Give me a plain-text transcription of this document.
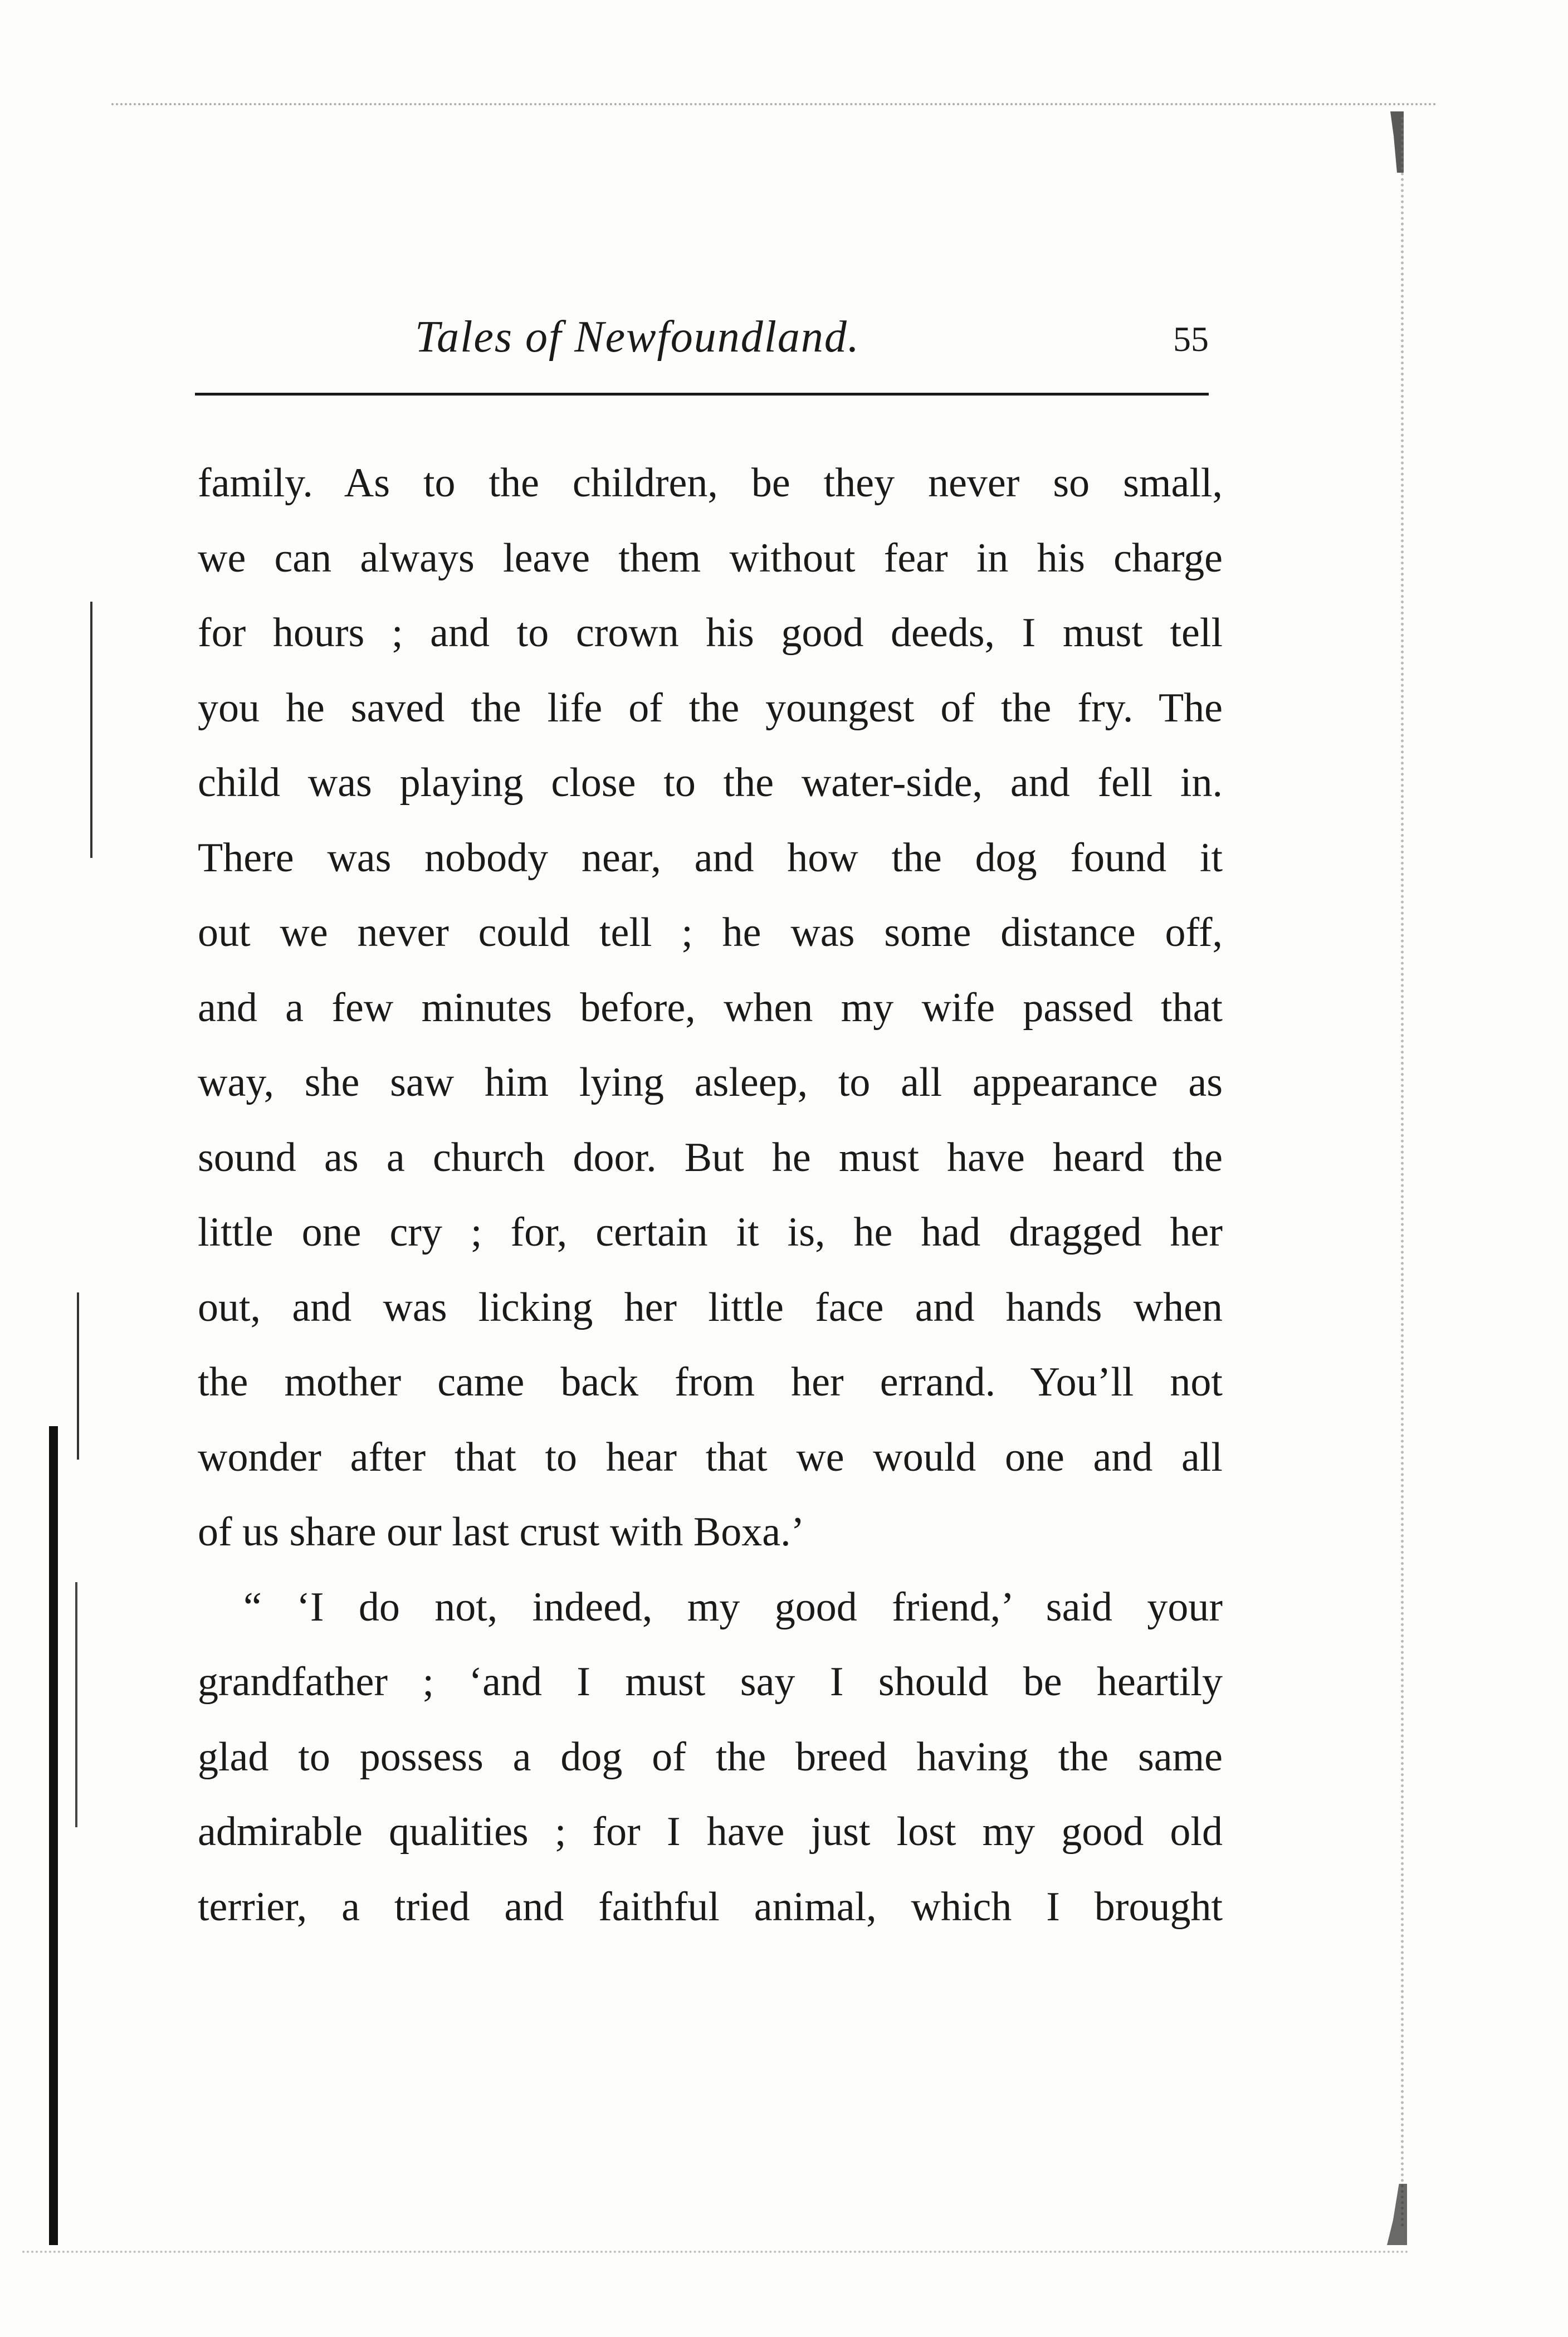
Tales of Newfoundland.	55
family. As to the children, be they never so small,
we can always leave them without fear in his charge
for hours ; and to crown his good deeds, I must tell
you he saved the life of the youngest of the fry. The
child was playing close to the water-side, and fell in.
There was nobody near, and how the dog found it
out we never could tell ; he was some distance off,
and a few minutes before, when my wife passed that
way, she saw him lying asleep, to all appearance as
sound as a church door. But he must have heard the
little one cry ; for, certain it is, he had dragged her
out, and was licking her little face and hands when
the mother came back from her errand. You’ll not
wonder after that to hear that we would one and all
of us share our last crust with Boxa.’
“ ‘I do not, indeed, my good friend,’ said your
grandfather ; ‘and I must say I should be heartily
glad to possess a dog of the breed having the same
admirable qualities ; for I have just lost my good old
terrier, a tried and faithful animal, which I brought
